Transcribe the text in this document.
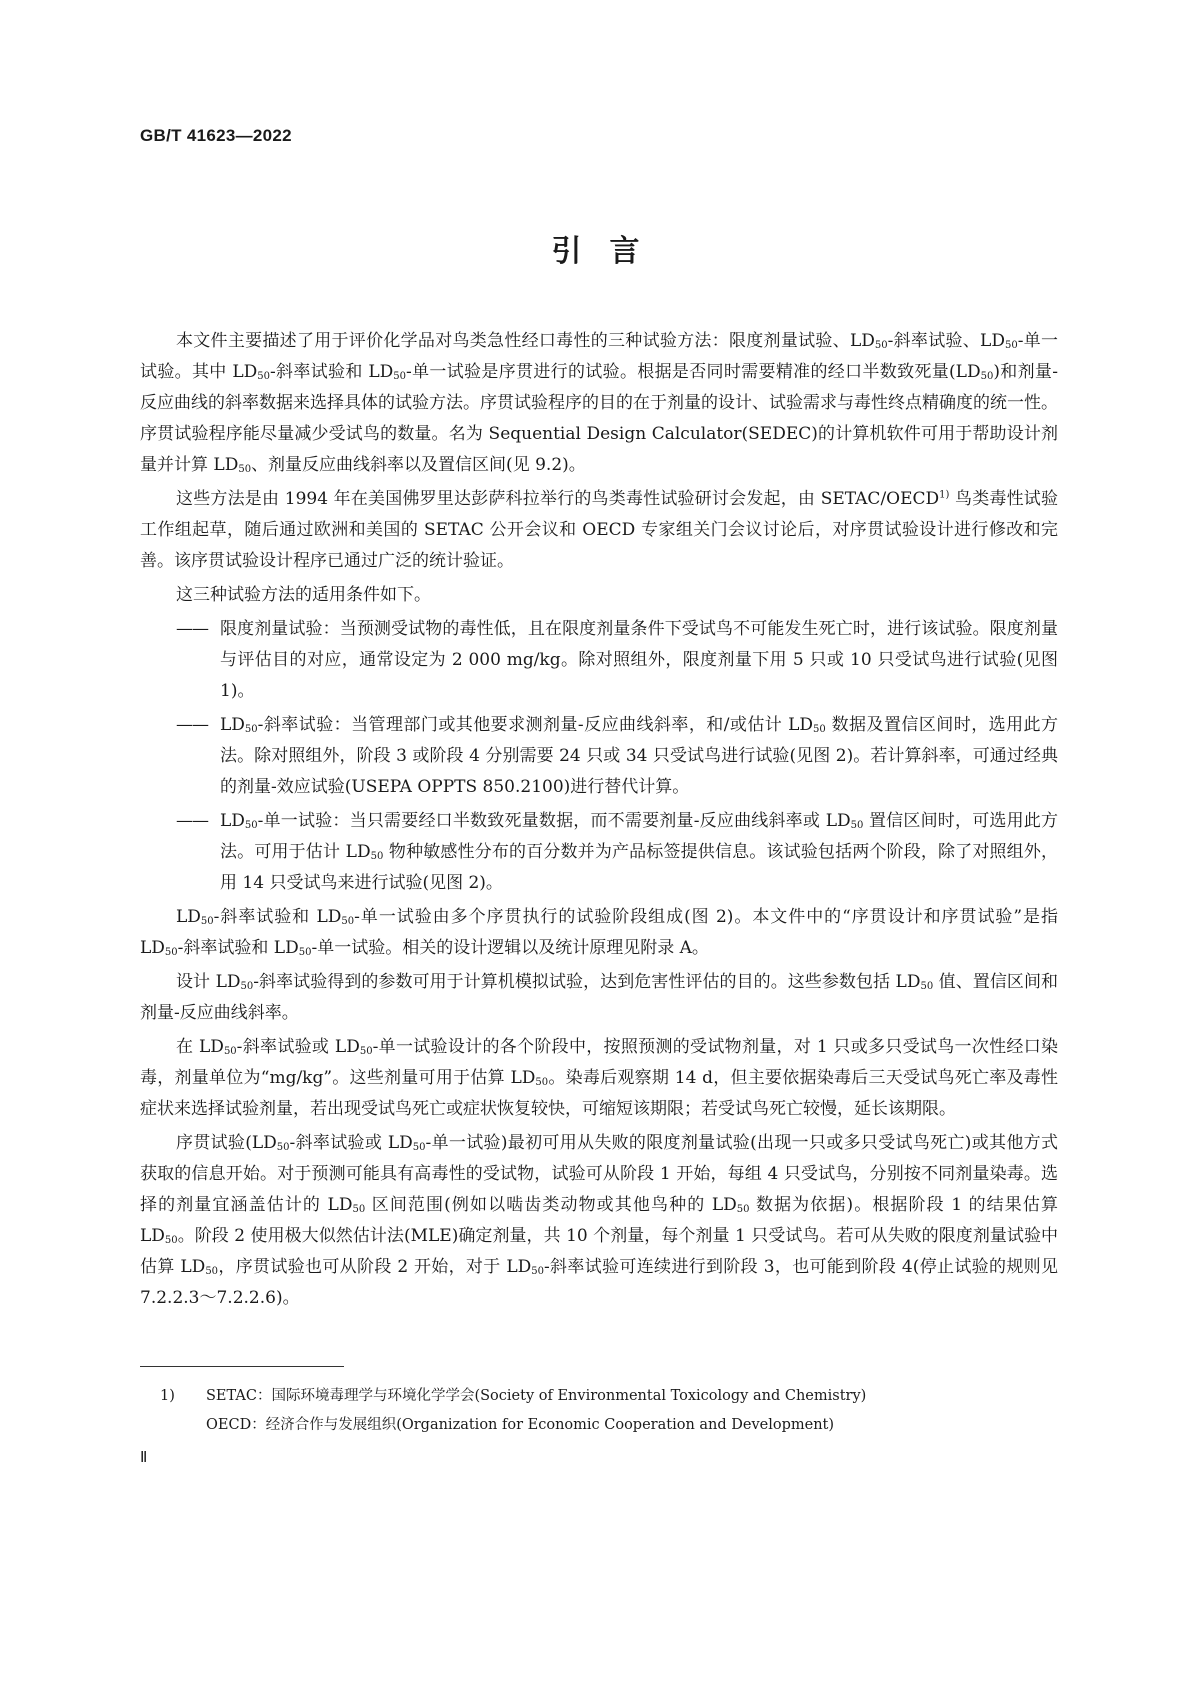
GB/T 41623—2022
引言

本文件主要描述了用于评价化学品对鸟类急性经口毒性的三种试验方法：限度剂量试验、$LD_{50}-$斜率试验、$LD_{50}-$单一试验。其中 $LD_{50}-$斜率试验和 $LD_{50}-$单一试验是序贯进行的试验。根据是否同时需要精准的经口半数致死量$(LD_{50})$和剂量-反应曲线的斜率数据来选择具体的试验方法。序贯试验程序的目的在于剂量的设计、试验需求与毒性终点精确度的统一性。序贯试验程序能尽量减少受试鸟的数量。名为 Sequential Design Calculator(SEDEC)的计算机软件可用于帮助设计剂量并计算 $LD_{50}$、剂量反应曲线斜率以及置信区间(见 9.2)。

这些方法是由 1994 年在美国佛罗里达彭萨科拉举行的鸟类毒性试验研讨会发起，由 SETAC/OECD$^{1)}$ 鸟类毒性试验工作组起草，随后通过欧洲和美国的 SETAC 公开会议和 OECD 专家组关门会议讨论后，对序贯试验设计进行修改和完善。该序贯试验设计程序已通过广泛的统计验证。

这三种试验方法的适用条件如下。

—— 限度剂量试验：当预测受试物的毒性低，且在限度剂量条件下受试鸟不可能发生死亡时，进行该试验。限度剂量与评估目的对应，通常设定为 2 000 mg/kg。除对照组外，限度剂量下用 5 只或 10 只受试鸟进行试验(见图 1)。
—— $LD_{50}-$斜率试验：当管理部门或其他要求测剂量-反应曲线斜率，和/或估计 $LD_{50}$ 数据及置信区间时，选用此方法。除对照组外，阶段 3 或阶段 4 分别需要 24 只或 34 只受试鸟进行试验(见图 2)。若计算斜率，可通过经典的剂量-效应试验(USEPA OPPTS 850.2100)进行替代计算。
—— $LD_{50}-$单一试验：当只需要经口半数致死量数据，而不需要剂量-反应曲线斜率或 $LD_{50}$ 置信区间时，可选用此方法。可用于估计 $LD_{50}$ 物种敏感性分布的百分数并为产品标签提供信息。该试验包括两个阶段，除了对照组外，用 14 只受试鸟来进行试验(见图 2)。

$LD_{50}-$斜率试验和 $LD_{50}-$单一试验由多个序贯执行的试验阶段组成(图 2)。本文件中的“序贯设计和序贯试验”是指 $LD_{50}-$斜率试验和 $LD_{50}-$单一试验。相关的设计逻辑以及统计原理见附录 A。

设计 $LD_{50}-$斜率试验得到的参数可用于计算机模拟试验，达到危害性评估的目的。这些参数包括 $LD_{50}$ 值、置信区间和剂量-反应曲线斜率。

在 $LD_{50}-$斜率试验或 $LD_{50}-$单一试验设计的各个阶段中，按照预测的受试物剂量，对 1 只或多只受试鸟一次性经口染毒，剂量单位为“mg/kg”。这些剂量可用于估算 $LD_{50}$。染毒后观察期 14 d，但主要依据染毒后三天受试鸟死亡率及毒性症状来选择试验剂量，若出现受试鸟死亡或症状恢复较快，可缩短该期限；若受试鸟死亡较慢，延长该期限。

序贯试验($LD_{50}-$斜率试验或 $LD_{50}-$单一试验)最初可用从失败的限度剂量试验(出现一只或多只受试鸟死亡)或其他方式获取的信息开始。对于预测可能具有高毒性的受试物，试验可从阶段 1 开始，每组 4 只受试鸟，分别按不同剂量染毒。选择的剂量宜涵盖估计的 $LD_{50}$ 区间范围(例如以啮齿类动物或其他鸟种的 $LD_{50}$ 数据为依据)。根据阶段 1 的结果估算 $LD_{50}$。阶段 2 使用极大似然估计法(MLE)确定剂量，共 10 个剂量，每个剂量 1 只受试鸟。若可从失败的限度剂量试验中估算 $LD_{50}$，序贯试验也可从阶段 2 开始，对于 $LD_{50}-$斜率试验可连续进行到阶段 3，也可能到阶段 4(停止试验的规则见 7.2.2.3～7.2.2.6)。

1)	SETAC：国际环境毒理学与环境化学学会(Society of Environmental Toxicology and Chemistry)
OECD：经济合作与发展组织(Organization for Economic Cooperation and Development)
Ⅱ
